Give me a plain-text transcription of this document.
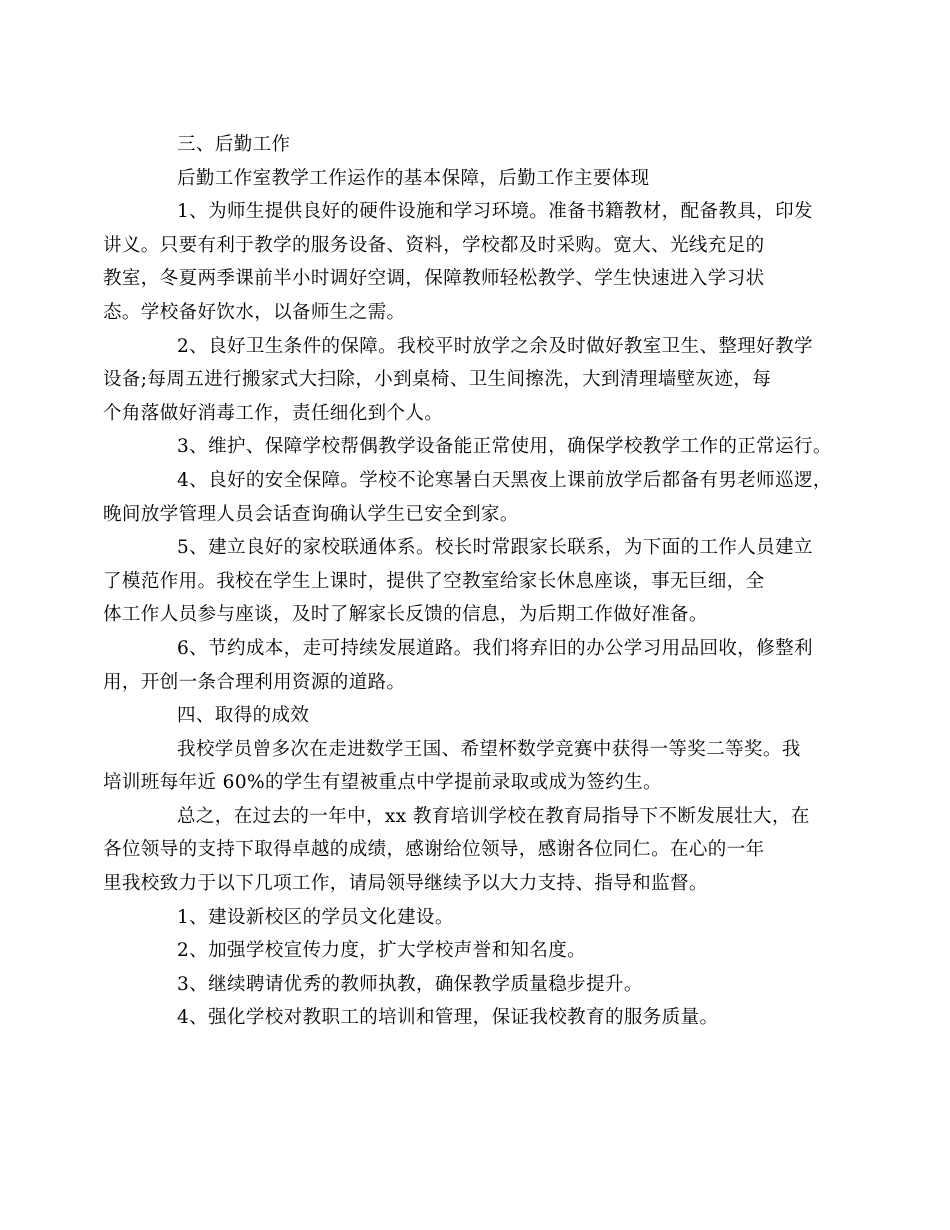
三、后勤工作

后勤工作室教学工作运作的基本保障，后勤工作主要体现

1、为师生提供良好的硬件设施和学习环境。准备书籍教材，配备教具，印发
讲义。只要有利于教学的服务设备、资料，学校都及时采购。宽大、光线充足的
教室，冬夏两季课前半小时调好空调，保障教师轻松教学、学生快速进入学习状
态。学校备好饮水，以备师生之需。

2、良好卫生条件的保障。我校平时放学之余及时做好教室卫生、整理好教学
设备;每周五进行搬家式大扫除，小到桌椅、卫生间擦洗，大到清理墙壁灰迹，每
个角落做好消毒工作，责任细化到个人。

3、维护、保障学校帮偶教学设备能正常使用，确保学校教学工作的正常运行。

4、良好的安全保障。学校不论寒暑白天黑夜上课前放学后都备有男老师巡逻，
晚间放学管理人员会话查询确认学生已安全到家。

5、建立良好的家校联通体系。校长时常跟家长联系，为下面的工作人员建立
了模范作用。我校在学生上课时，提供了空教室给家长休息座谈，事无巨细，全
体工作人员参与座谈，及时了解家长反馈的信息，为后期工作做好准备。

6、节约成本，走可持续发展道路。我们将弃旧的办公学习用品回收，修整利
用，开创一条合理利用资源的道路。

四、取得的成效

我校学员曾多次在走进数学王国、希望杯数学竞赛中获得一等奖二等奖。我
培训班每年近 60%的学生有望被重点中学提前录取或成为签约生。

总之，在过去的一年中，xx 教育培训学校在教育局指导下不断发展壮大，在
各位领导的支持下取得卓越的成绩，感谢给位领导，感谢各位同仁。在心的一年
里我校致力于以下几项工作，请局领导继续予以大力支持、指导和监督。

1、建设新校区的学员文化建设。

2、加强学校宣传力度，扩大学校声誉和知名度。

3、继续聘请优秀的教师执教，确保教学质量稳步提升。

4、强化学校对教职工的培训和管理，保证我校教育的服务质量。
